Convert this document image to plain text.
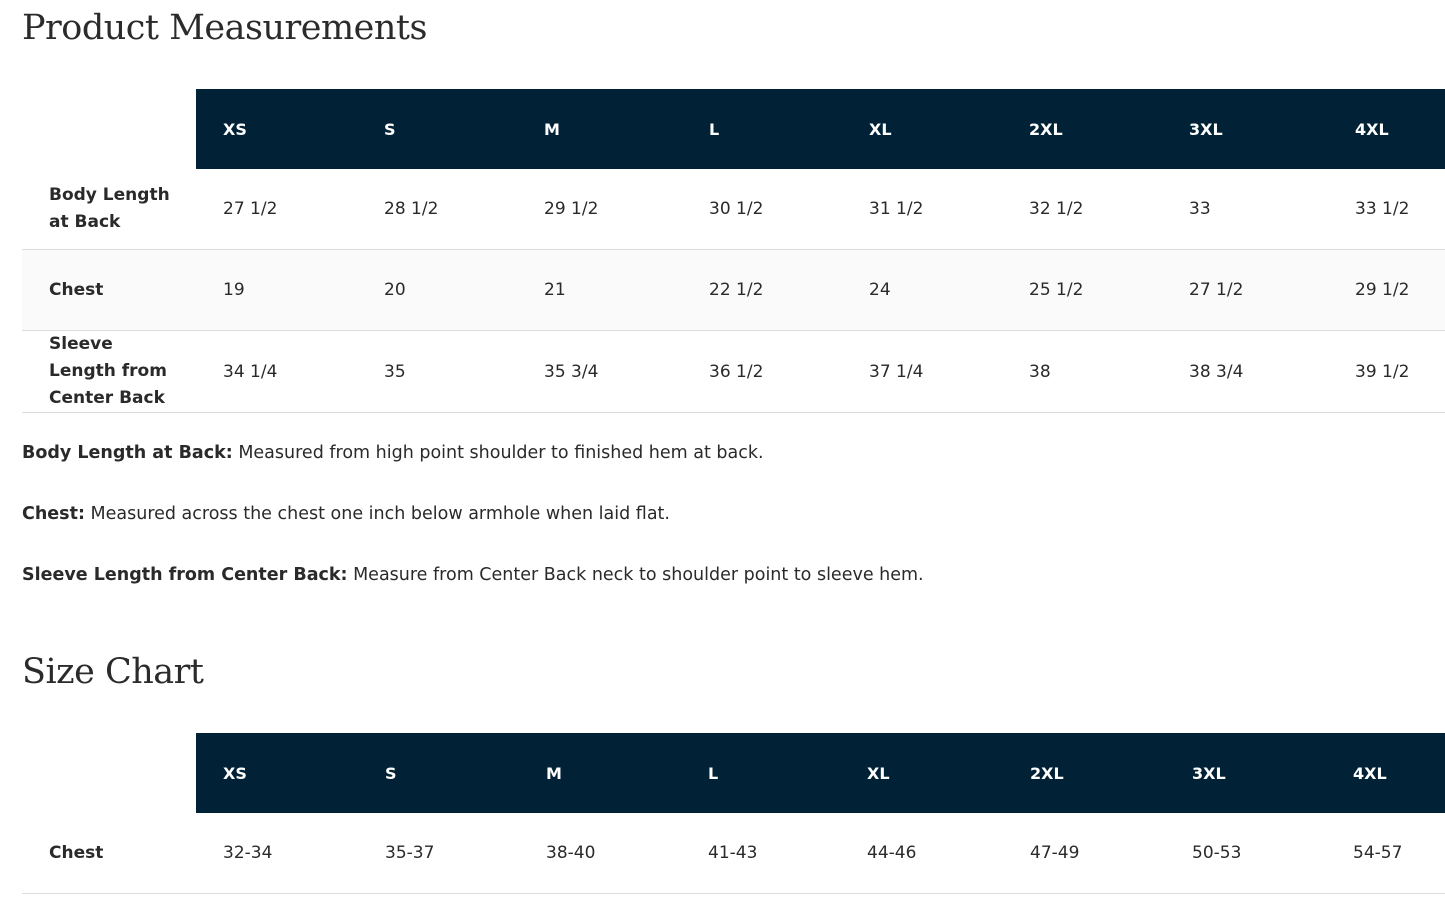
Product Measurements
	XS	S	M	L	XL	2XL	3XL	4XL
Body Length at Back	27 1/2	28 1/2	29 1/2	30 1/2	31 1/2	32 1/2	33	33 1/2
Chest	19	20	21	22 1/2	24	25 1/2	27 1/2	29 1/2
Sleeve Length from Center Back	34 1/4	35	35 3/4	36 1/2	37 1/4	38	38 3/4	39 1/2

Body Length at Back: Measured from high point shoulder to finished hem at back.

Chest: Measured across the chest one inch below armhole when laid flat.

Sleeve Length from Center Back: Measure from Center Back neck to shoulder point to sleeve hem.

Size Chart
	XS	S	M	L	XL	2XL	3XL	4XL
Chest	32-34	35-37	38-40	41-43	44-46	47-49	50-53	54-57
